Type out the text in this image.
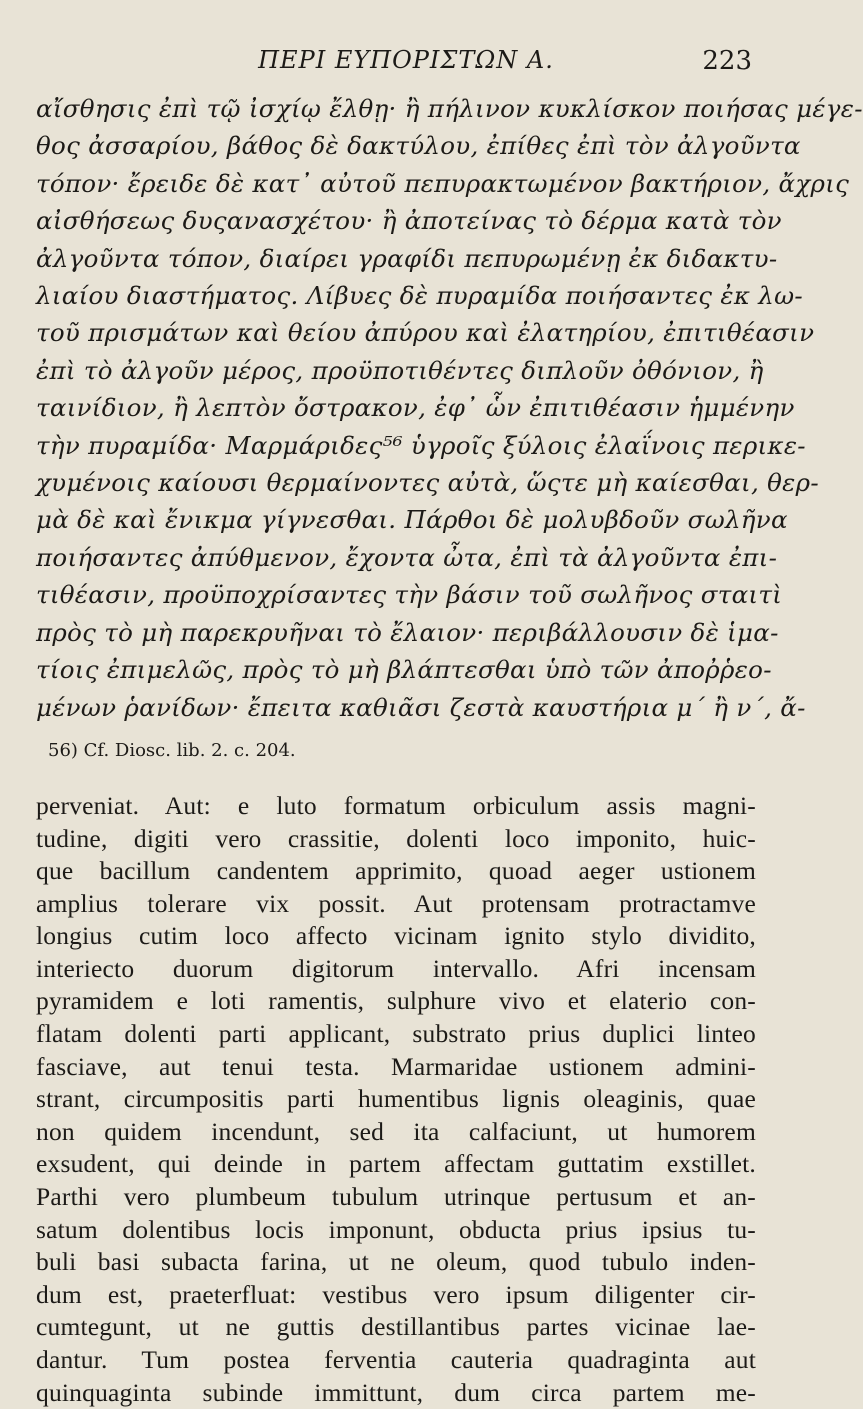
ΠΕΡΙ ΕΥΠΟΡΙΣΤΩΝ Α.	223
αἴσθησις ἐπὶ τῷ ἰσχίῳ ἔλθῃ· ἢ πήλινον κυκλίσκον ποιήσας μέγε-
θος ἀσσαρίου, βάθος δὲ δακτύλου, ἐπίθες ἐπὶ τὸν ἀλγοῦντα
τόπον· ἔρειδε δὲ κατ᾿ αὐτοῦ πεπυρακτωμένον βακτήριον, ἄχρις
αἰσθήσεως δυςανασχέτου· ἢ ἀποτείνας τὸ δέρμα κατὰ τὸν
ἀλγοῦντα τόπον, διαίρει γραφίδι πεπυρωμένῃ ἐκ διδακτυ-
λιαίου διαστήματος. Λίβυες δὲ πυραμίδα ποιήσαντες ἐκ λω-
τοῦ πρισμάτων καὶ θείου ἀπύρου καὶ ἐλατηρίου, ἐπιτιθέασιν
ἐπὶ τὸ ἀλγοῦν μέρος, προϋποτιθέντες διπλοῦν ὀθόνιον, ἢ
ταινίδιον, ἢ λεπτὸν ὄστρακον, ἐφ᾿ ὧν ἐπιτιθέασιν ἡμμένην
τὴν πυραμίδα· Μαρμάριδες⁵⁶ ὑγροῖς ξύλοις ἐλαΐνοις περικε-
χυμένοις καίουσι θερμαίνοντες αὐτὰ, ὥςτε μὴ καίεσθαι, θερ-
μὰ δὲ καὶ ἔνικμα γίγνεσθαι. Πάρθοι δὲ μολυβδοῦν σωλῆνα
ποιήσαντες ἀπύθμενον, ἔχοντα ὦτα, ἐπὶ τὰ ἀλγοῦντα ἐπι-
τιθέασιν, προϋποχρίσαντες τὴν βάσιν τοῦ σωλῆνος σταιτὶ
πρὸς τὸ μὴ παρεκρυῆναι τὸ ἔλαιον· περιβάλλουσιν δὲ ἱμα-
τίοις ἐπιμελῶς, πρὸς τὸ μὴ βλάπτεσθαι ὑπὸ τῶν ἀποῤῥεο-
μένων ῥανίδων· ἔπειτα καθιᾶσι ζεστὰ καυστήρια μ΄ ἢ ν΄, ἄ-
56) Cf. Diosc. lib. 2. c. 204.
perveniat. Aut: e luto formatum orbiculum assis magni-
tudine, digiti vero crassitie, dolenti loco imponito, huic-
que bacillum candentem apprimito, quoad aeger ustionem
amplius tolerare vix possit. Aut protensam protractamve
longius cutim loco affecto vicinam ignito stylo dividito,
interiecto duorum digitorum intervallo. Afri incensam
pyramidem e loti ramentis, sulphure vivo et elaterio con-
flatam dolenti parti applicant, substrato prius duplici linteo
fasciave, aut tenui testa. Marmaridae ustionem admini-
strant, circumpositis parti humentibus lignis oleaginis, quae
non quidem incendunt, sed ita calfaciunt, ut humorem
exsudent, qui deinde in partem affectam guttatim exstillet.
Parthi vero plumbeum tubulum utrinque pertusum et an-
satum dolentibus locis imponunt, obducta prius ipsius tu-
buli basi subacta farina, ut ne oleum, quod tubulo inden-
dum est, praeterfluat: vestibus vero ipsum diligenter cir-
cumtegunt, ut ne guttis destillantibus partes vicinae lae-
dantur. Tum postea ferventia cauteria quadraginta aut
quinquaginta subinde immittunt, dum circa partem me-
